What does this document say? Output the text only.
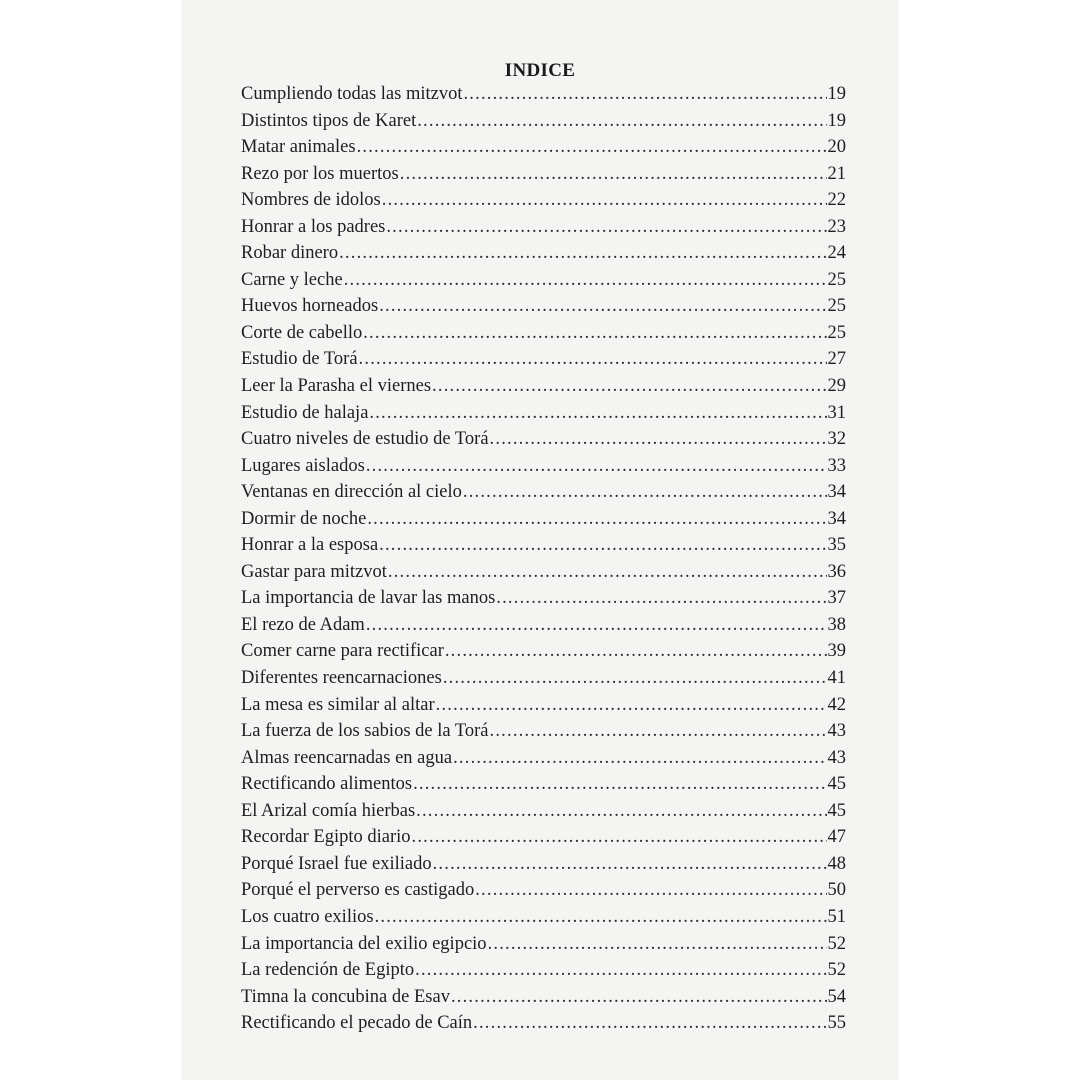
INDICE
Cumpliendo todas las mitzvot .....	19
Distintos tipos de Karet .....	19
Matar animales .....	20
Rezo por los muertos .....	21
Nombres de idolos .....	22
Honrar a los padres .....	23
Robar dinero .....	24
Carne y leche .....	25
Huevos horneados .....	25
Corte de cabello .....	25
Estudio de Torá .....	27
Leer la Parasha el viernes .....	29
Estudio de halaja .....	31
Cuatro niveles de estudio de Torá .....	32
Lugares aislados .....	33
Ventanas en dirección al cielo .....	34
Dormir de noche .....	34
Honrar a la esposa .....	35
Gastar para mitzvot .....	36
La importancia de lavar las manos .....	37
El rezo de Adam .....	38
Comer carne para rectificar .....	39
Diferentes reencarnaciones .....	41
La mesa es similar al altar .....	42
La fuerza de los sabios de la Torá .....	43
Almas reencarnadas en agua .....	43
Rectificando alimentos .....	45
El Arizal comía hierbas .....	45
Recordar Egipto diario .....	47
Porqué Israel fue exiliado .....	48
Porqué el perverso es castigado .....	50
Los cuatro exilios .....	51
La importancia del exilio egipcio .....	52
La redención de Egipto .....	52
Timna la concubina de Esav .....	54
Rectificando el pecado de Caín .....	55
